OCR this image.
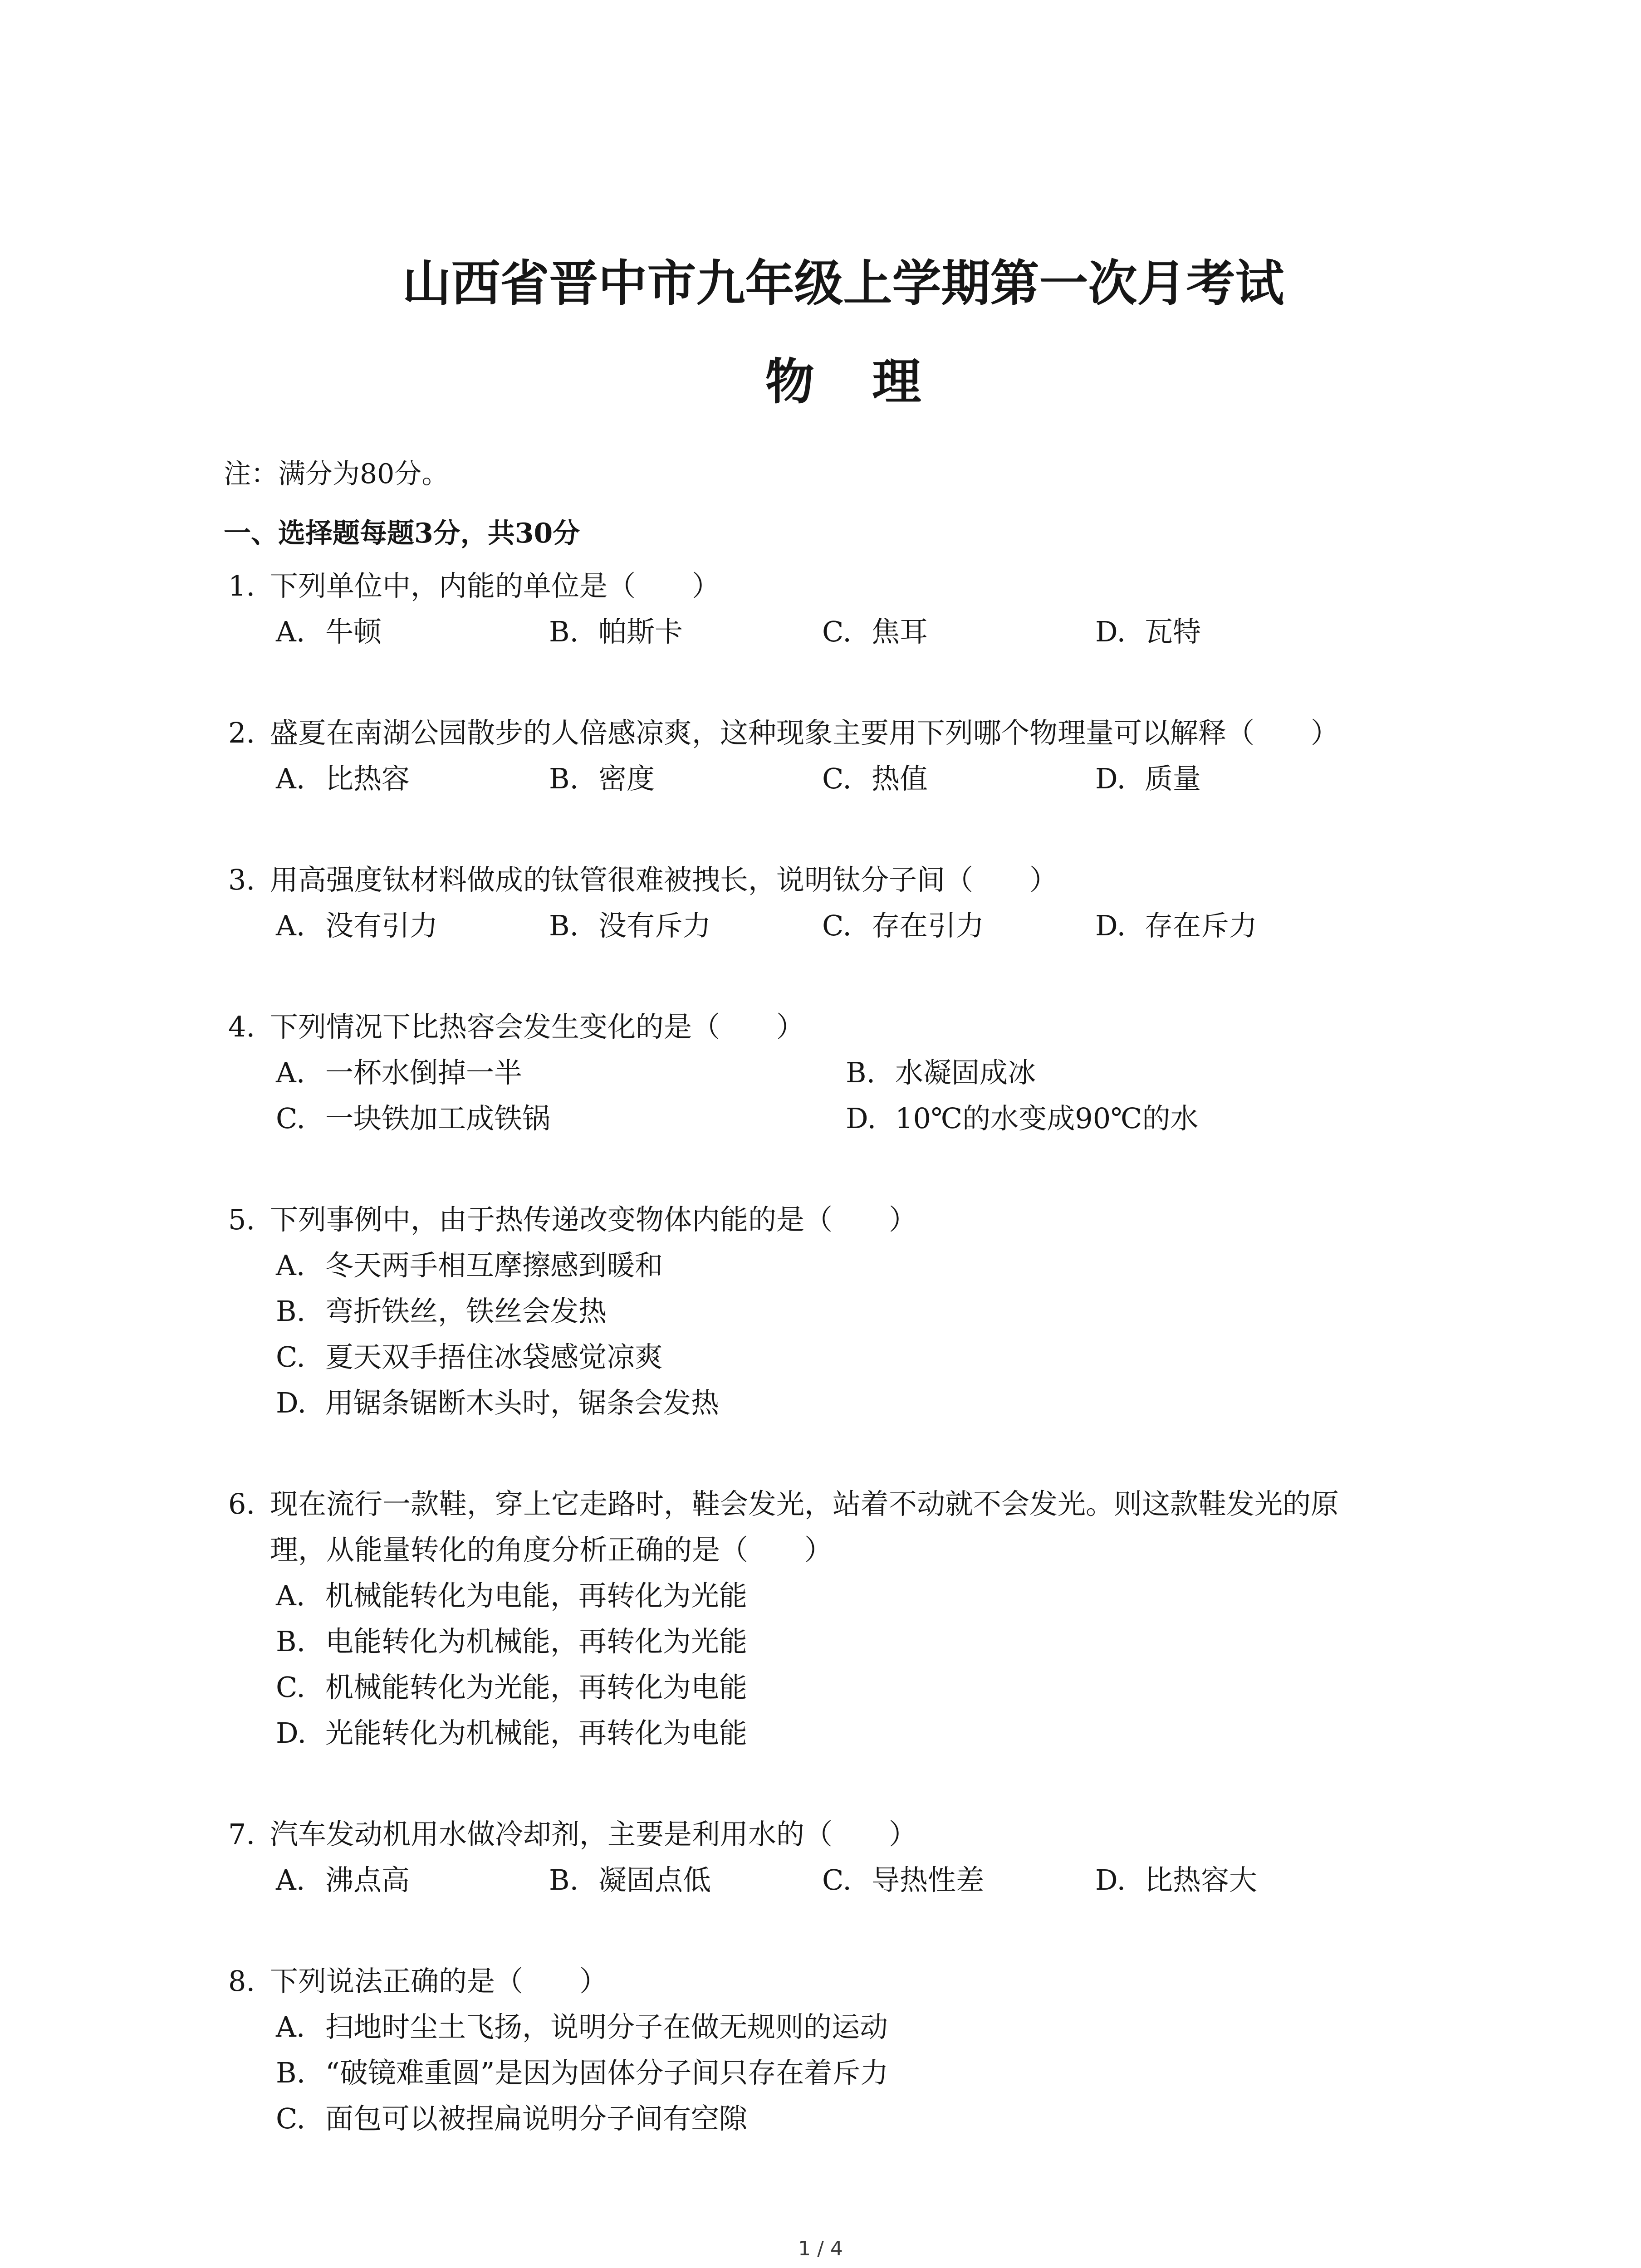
山西省晋中市九年级上学期第一次月考试
物 理
注：满分为80分。
一、选择题每题3分，共30分
1. 下列单位中，内能的单位是（　　）
A. 牛顿	B. 帕斯卡	C. 焦耳	D. 瓦特
2. 盛夏在南湖公园散步的人倍感凉爽，这种现象主要用下列哪个物理量可以解释（　　）
A. 比热容	B. 密度	C. 热值	D. 质量
3. 用高强度钛材料做成的钛管很难被拽长，说明钛分子间（　　）
A. 没有引力	B. 没有斥力	C. 存在引力	D. 存在斥力
4. 下列情况下比热容会发生变化的是（　　）
A. 一杯水倒掉一半	B. 水凝固成冰
C. 一块铁加工成铁锅	D. 10℃的水变成90℃的水
5. 下列事例中，由于热传递改变物体内能的是（　　）
A. 冬天两手相互摩擦感到暖和
B. 弯折铁丝，铁丝会发热
C. 夏天双手捂住冰袋感觉凉爽
D. 用锯条锯断木头时，锯条会发热
6. 现在流行一款鞋，穿上它走路时，鞋会发光，站着不动就不会发光。则这款鞋发光的原
理，从能量转化的角度分析正确的是（　　）
A. 机械能转化为电能，再转化为光能
B. 电能转化为机械能，再转化为光能
C. 机械能转化为光能，再转化为电能
D. 光能转化为机械能，再转化为电能
7. 汽车发动机用水做冷却剂，主要是利用水的（　　）
A. 沸点高	B. 凝固点低	C. 导热性差	D. 比热容大
8. 下列说法正确的是（　　）
A. 扫地时尘土飞扬，说明分子在做无规则的运动
B. “破镜难重圆”是因为固体分子间只存在着斥力
C. 面包可以被捏扁说明分子间有空隙
1 / 4
